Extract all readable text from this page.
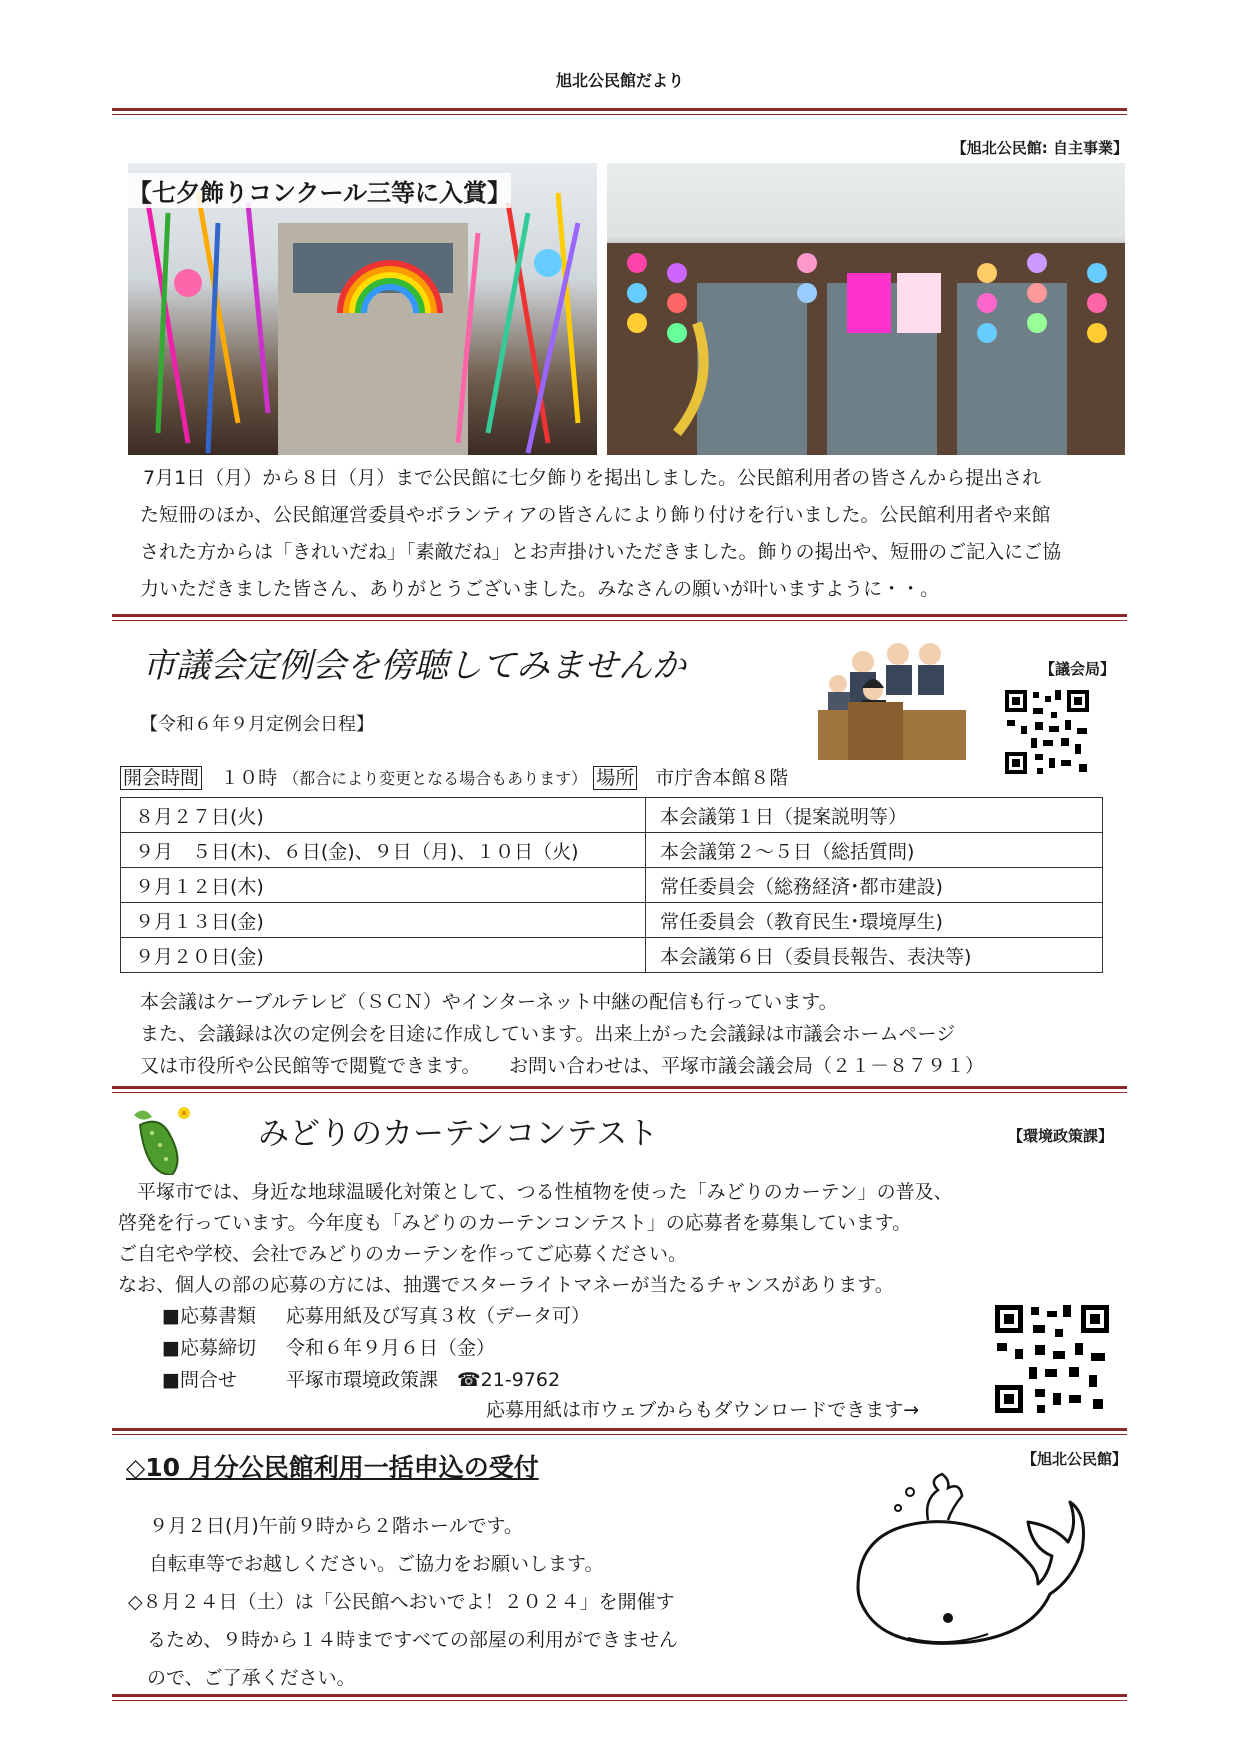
旭北公民館だより
【旭北公民館: 自主事業】
【七夕飾りコンクール三等に入賞】
7月1日（月）から８日（月）まで公民館に七夕飾りを掲出しました。公民館利用者の皆さんから提出され
た短冊のほか、公民館運営委員やボランティアの皆さんにより飾り付けを行いました。公民館利用者や来館
された方からは「きれいだね」「素敵だね」とお声掛けいただきました。飾りの掲出や、短冊のご記入にご協
力いただきました皆さん、ありがとうございました。みなさんの願いが叶いますように・・。
市議会定例会を傍聴してみませんか	【議会局】
【令和６年９月定例会日程】
開会時間 １０時 （都合により変更となる場合もあります） 場所 市庁舎本館８階
８月２７日(火)	本会議第１日（提案説明等）
９月　５日(木)、６日(金)、９日（月)、１０日（火)	本会議第２～５日（総括質問)
９月１２日(木)	常任委員会（総務経済･都市建設)
９月１３日(金)	常任委員会（教育民生･環境厚生)
９月２０日(金)	本会議第６日（委員長報告、表決等)
本会議はケーブルテレビ（ＳＣＮ）やインターネット中継の配信も行っています。
また、会議録は次の定例会を目途に作成しています。出来上がった会議録は市議会ホームページ
又は市役所や公民館等で閲覧できます。　　お問い合わせは、平塚市議会議会局（２１－８７９１）
みどりのカーテンコンテスト	【環境政策課】
　平塚市では、身近な地球温暖化対策として、つる性植物を使った「みどりのカーテン」の普及、
啓発を行っています。今年度も「みどりのカーテンコンテスト」の応募者を募集しています。
ご自宅や学校、会社でみどりのカーテンを作ってご応募ください。
なお、個人の部の応募の方には、抽選でスターライトマネーが当たるチャンスがあります。
■応募書類 応募用紙及び写真３枚（データ可）
■応募締切 令和６年９月６日（金）
■問合せ	平塚市環境政策課　☎21-9762
応募用紙は市ウェブからもダウンロードできます→
◇10 月分公民館利用一括申込の受付	【旭北公民館】
　９月２日(月)午前９時から２階ホールです。
　自転車等でお越しください。ご協力をお願いします。
◇８月２４日（土）は「公民館へおいでよ！２０２４」を開催す
　るため、９時から１４時まですべての部屋の利用ができません
　ので、ご了承ください。
